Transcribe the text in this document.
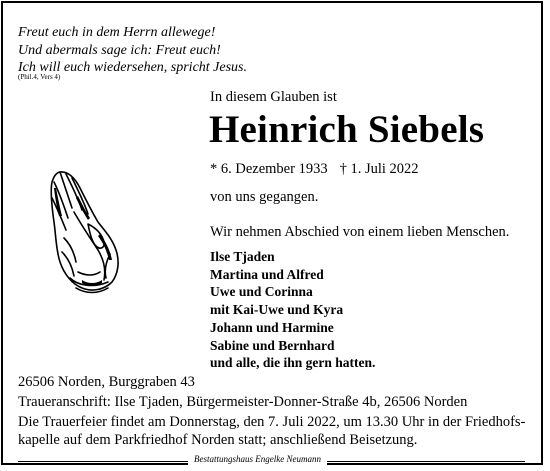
Freut euch in dem Herrn allewege!
Und abermals sage ich: Freut euch!
Ich will euch wiedersehen, spricht Jesus.
(Phil.4, Vers 4)
In diesem Glauben ist
Heinrich Siebels
* 6. Dezember 1933 † 1. Juli 2022
von uns gegangen.
Wir nehmen Abschied von einem lieben Menschen.
Ilse Tjaden
Martina und Alfred
Uwe und Corinna
mit Kai-Uwe und Kyra
Johann und Harmine
Sabine und Bernhard
und alle, die ihn gern hatten.
26506 Norden, Burggraben 43
Traueranschrift: Ilse Tjaden, Bürgermeister-Donner-Straße 4b, 26506 Norden
Die Trauerfeier findet am Donnerstag, den 7. Juli 2022, um 13.30 Uhr in der Friedhofs-
kapelle auf dem Parkfriedhof Norden statt; anschließend Beisetzung.
Bestattungshaus Engelke Neumann
